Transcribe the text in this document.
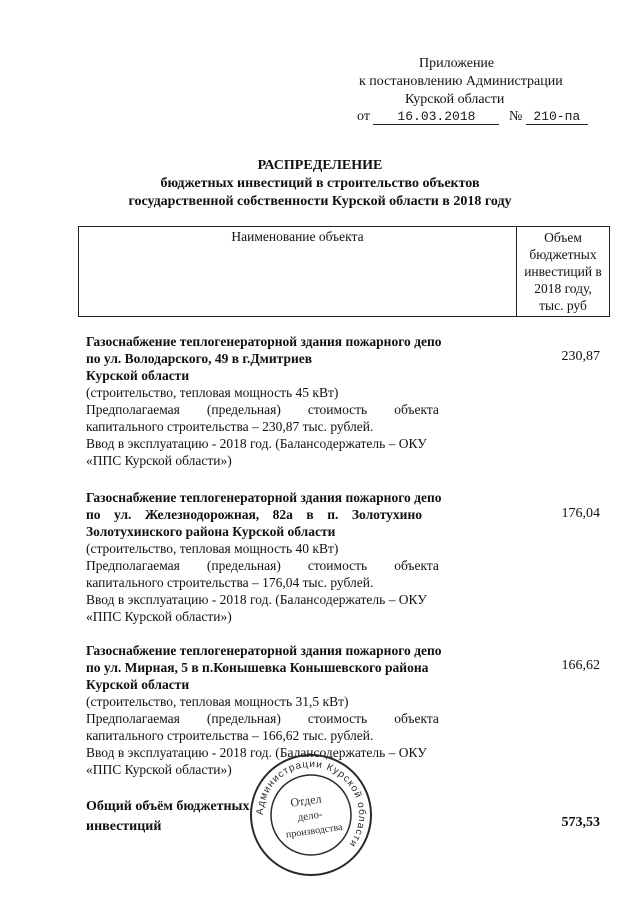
Приложение
к постановлению Администрации
Курской области
от 16.03.2018 № 210-па
РАСПРЕДЕЛЕНИЕ
бюджетных инвестиций в строительство объектов
государственной собственности Курской области в 2018 году
Наименование объекта	Объем
бюджетных
инвестиций в
2018 году,
тыс. руб
Газоснабжение теплогенераторной здания пожарного депо
по ул. Володарского, 49 в г.Дмитриев
Курской области
(строительство, тепловая мощность 45 кВт)
Предполагаемая        (предельная)        стоимость        объекта
капитального строительства – 230,87 тыс. рублей.
Ввод в эксплуатацию - 2018 год. (Балансодержатель – ОКУ
«ППС Курской области»)
230,87
Газоснабжение теплогенераторной здания пожарного депо
по    ул.    Железнодорожная,    82а    в    п.    Золотухино
Золотухинского района Курской области
(строительство, тепловая мощность 40 кВт)
Предполагаемая        (предельная)        стоимость        объекта
капитального строительства – 176,04 тыс. рублей.
Ввод в эксплуатацию - 2018 год. (Балансодержатель – ОКУ
«ППС Курской области»)
176,04
Газоснабжение теплогенераторной здания пожарного депо
по ул. Мирная, 5 в п.Конышевка Конышевского района
Курской области
(строительство, тепловая мощность 31,5 кВт)
Предполагаемая        (предельная)        стоимость        объекта
капитального строительства – 166,62 тыс. рублей.
Ввод в эксплуатацию - 2018 год. (Балансодержатель – ОКУ
«ППС Курской области»)
166,62
Общий объём бюджетных
инвестиций	573,53
Администрации Курской области
Отдел
дело-
производства
